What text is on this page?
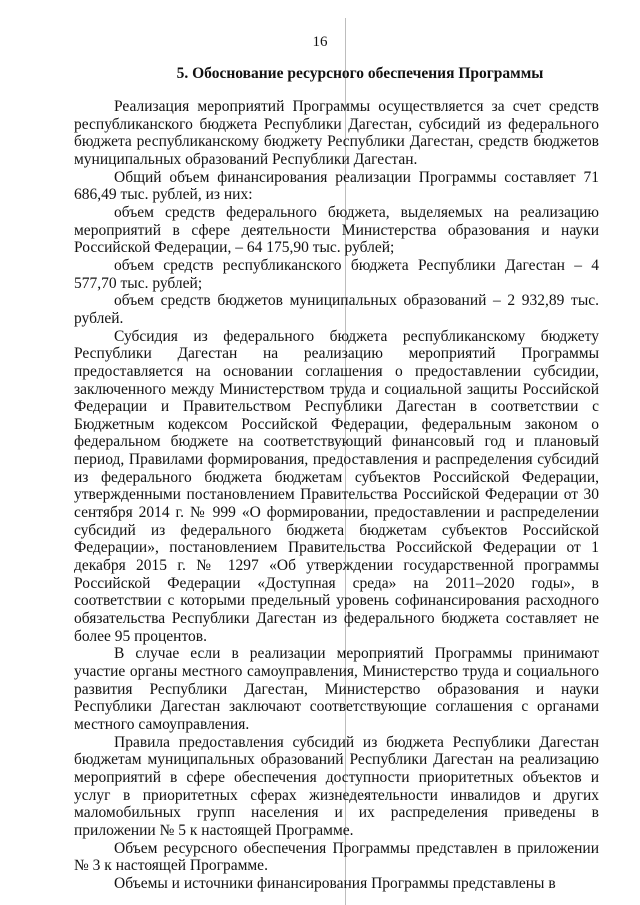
16
5. Обоснование ресурсного обеспечения Программы

Реализация мероприятий Программы осуществляется за счет средств республиканского бюджета Республики Дагестан, субсидий из федерального бюджета республиканскому бюджету Республики Дагестан, средств бюджетов муниципальных образований Республики Дагестан.

Общий объем финансирования реализации Программы составляет 71 686,49 тыс. рублей, из них:

объем средств федерального бюджета, выделяемых на реализацию мероприятий в сфере деятельности Министерства образования и науки Российской Федерации, – 64 175,90 тыс. рублей;

объем средств республиканского бюджета Республики Дагестан – 4 577,70 тыс. рублей;

объем средств бюджетов муниципальных образований – 2 932,89 тыс. рублей.

Субсидия из федерального бюджета республиканскому бюджету Республики Дагестан на реализацию мероприятий Программы предоставляется на основании соглашения о предоставлении субсидии, заключенного между Министерством труда и социальной защиты Российской Федерации и Правительством Республики Дагестан в соответствии с Бюджетным кодексом Российской Федерации, федеральным законом о федеральном бюджете на соответствующий финансовый год и плановый период, Правилами формирования, предоставления и распределения субсидий из федерального бюджета бюджетам субъектов Российской Федерации, утвержденными постановлением Правительства Российской Федерации от 30 сентября 2014 г. № 999 «О формировании, предоставлении и распределении субсидий из федерального бюджета бюджетам субъектов Российской Федерации», постановлением Правительства Российской Федерации от 1 декабря 2015 г. № 1297 «Об утверждении государственной программы Российской Федерации «Доступная среда» на 2011–2020 годы», в соответствии с которыми предельный уровень софинансирования расходного обязательства Республики Дагестан из федерального бюджета составляет не более 95 процентов.

В случае если в реализации мероприятий Программы принимают участие органы местного самоуправления, Министерство труда и социального развития Республики Дагестан, Министерство образования и науки Республики Дагестан заключают соответствующие соглашения с органами местного самоуправления.

Правила предоставления субсидий из бюджета Республики Дагестан бюджетам муниципальных образований Республики Дагестан на реализацию мероприятий в сфере обеспечения доступности приоритетных объектов и услуг в приоритетных сферах жизнедеятельности инвалидов и других маломобильных групп населения и их распределения приведены в приложении № 5 к настоящей Программе.

Объем ресурсного обеспечения Программы представлен в приложении № 3 к настоящей Программе.

Объемы и источники финансирования Программы представлены в
